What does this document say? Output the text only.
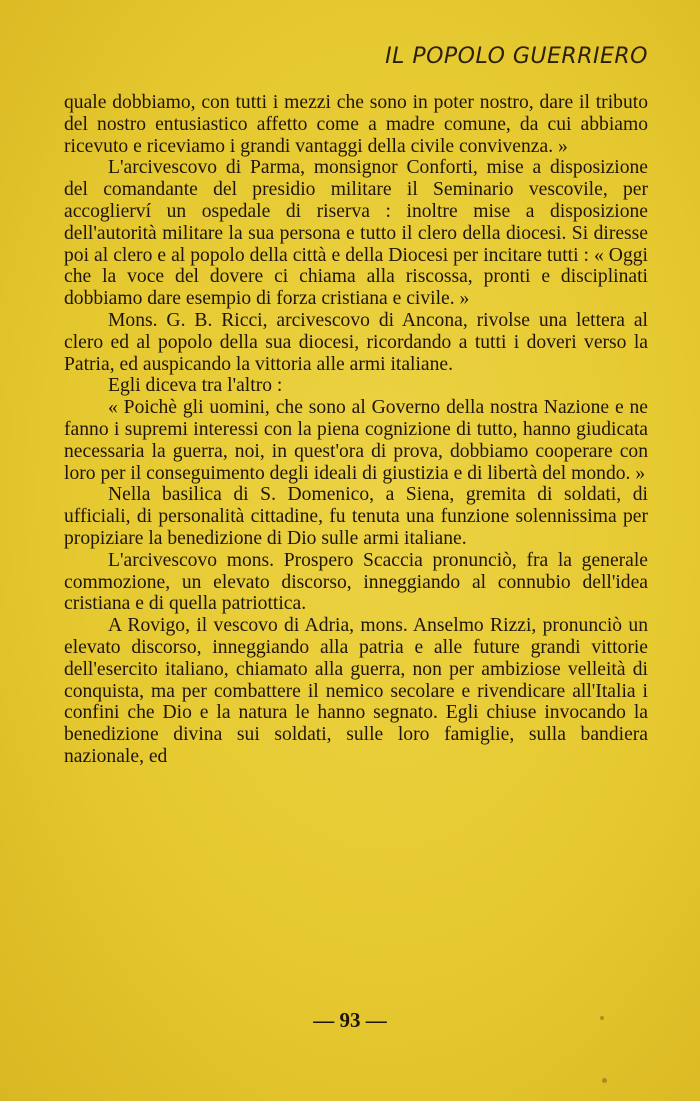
IL POPOLO GUERRIERO

quale dobbiamo, con tutti i mezzi che sono in poter nostro, dare il tributo del nostro entusiastico affetto come a madre comune, da cui abbiamo ricevuto e riceviamo i grandi vantaggi della civile convivenza. »

L'arcivescovo di Parma, monsignor Conforti, mise a disposizione del comandante del presidio militare il Seminario vescovile, per accoglierví un ospedale di riserva : inoltre mise a disposizione dell'autorità militare la sua persona e tutto il clero della diocesi. Si diresse poi al clero e al popolo della città e della Diocesi per incitare tutti : « Oggi che la voce del dovere ci chiama alla riscossa, pronti e disciplinati dobbiamo dare esempio di forza cristiana e civile. »

Mons. G. B. Ricci, arcivescovo di Ancona, rivolse una lettera al clero ed al popolo della sua diocesi, ricordando a tutti i doveri verso la Patria, ed auspicando la vittoria alle armi italiane.

Egli diceva tra l'altro :

« Poichè gli uomini, che sono al Governo della nostra Nazione e ne fanno i supremi interessi con la piena cognizione di tutto, hanno giudicata necessaria la guerra, noi, in quest'ora di prova, dobbiamo cooperare con loro per il conseguimento degli ideali di giustizia e di libertà del mondo. »

Nella basilica di S. Domenico, a Siena, gremita di soldati, di ufficiali, di personalità cittadine, fu tenuta una funzione solennissima per propiziare la benedizione di Dio sulle armi italiane.

L'arcivescovo mons. Prospero Scaccia pronunciò, fra la generale commozione, un elevato discorso, inneggiando al connubio dell'idea cristiana e di quella patriottica.

A Rovigo, il vescovo di Adria, mons. Anselmo Rizzi, pronunciò un elevato discorso, inneggiando alla patria e alle future grandi vittorie dell'esercito italiano, chiamato alla guerra, non per ambiziose velleità di conquista, ma per combattere il nemico secolare e rivendicare all'Italia i confini che Dio e la natura le hanno segnato. Egli chiuse invocando la benedizione divina sui soldati, sulle loro famiglie, sulla bandiera nazionale, ed

— 93 —
